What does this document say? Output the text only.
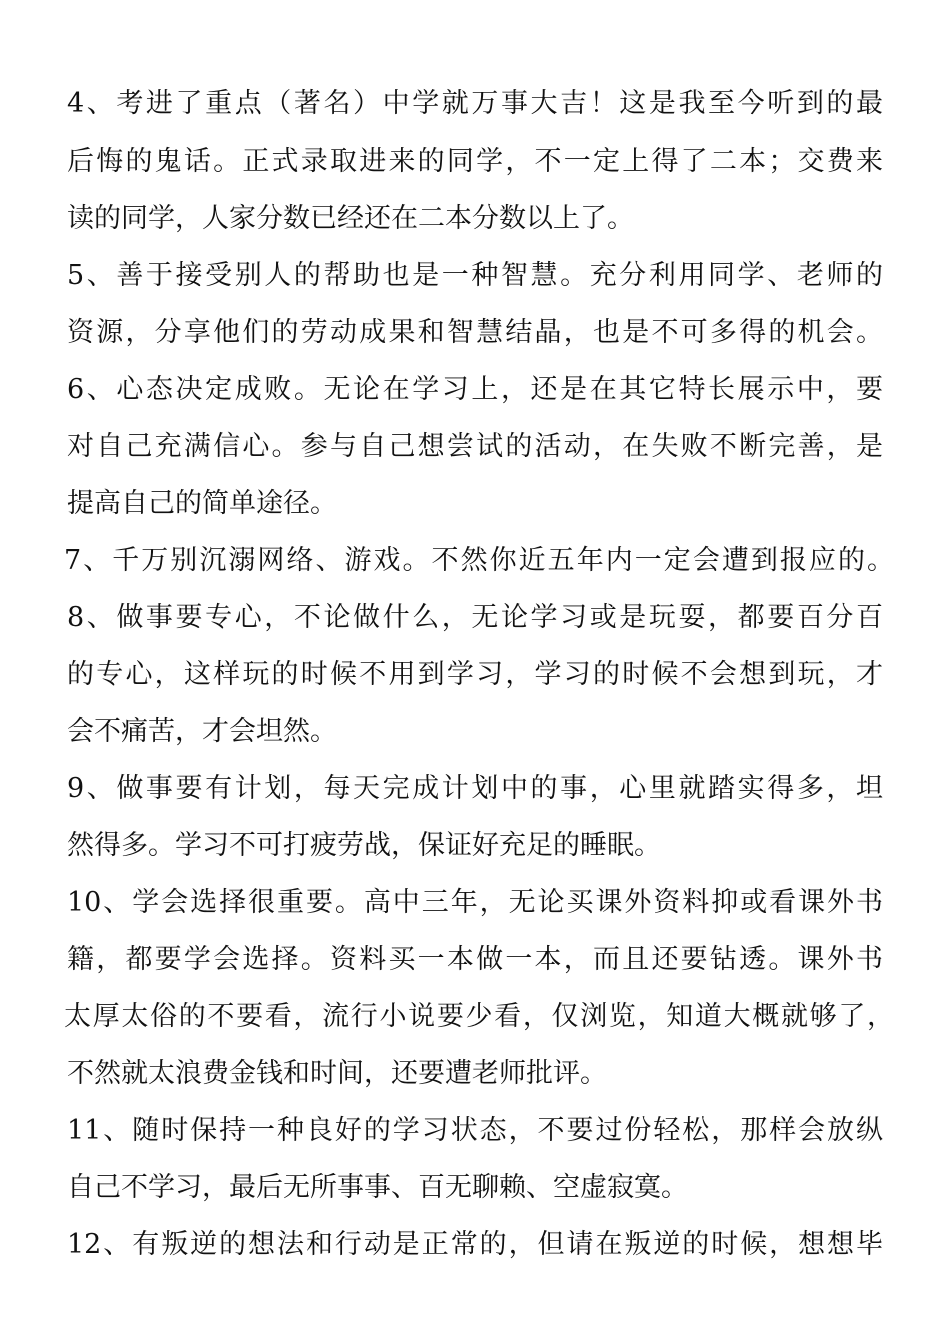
4、考进了重点（著名）中学就万事大吉！这是我至今听到的最
后悔的鬼话。正式录取进来的同学，不一定上得了二本；交费来
读的同学，人家分数已经还在二本分数以上了。
5、善于接受别人的帮助也是一种智慧。充分利用同学、老师的
资源，分享他们的劳动成果和智慧结晶，也是不可多得的机会。
6、心态决定成败。无论在学习上，还是在其它特长展示中，要
对自己充满信心。参与自己想尝试的活动，在失败不断完善，是
提高自己的简单途径。
7、千万别沉溺网络、游戏。不然你近五年内一定会遭到报应的。
8、做事要专心，不论做什么，无论学习或是玩耍，都要百分百
的专心，这样玩的时候不用到学习，学习的时候不会想到玩，才
会不痛苦，才会坦然。
9、做事要有计划，每天完成计划中的事，心里就踏实得多，坦
然得多。学习不可打疲劳战，保证好充足的睡眠。
10、学会选择很重要。高中三年，无论买课外资料抑或看课外书
籍，都要学会选择。资料买一本做一本，而且还要钻透。课外书
太厚太俗的不要看，流行小说要少看，仅浏览，知道大概就够了，
不然就太浪费金钱和时间，还要遭老师批评。
11、随时保持一种良好的学习状态，不要过份轻松，那样会放纵
自己不学习，最后无所事事、百无聊赖、空虚寂寞。
12、有叛逆的想法和行动是正常的，但请在叛逆的时候，想想毕
